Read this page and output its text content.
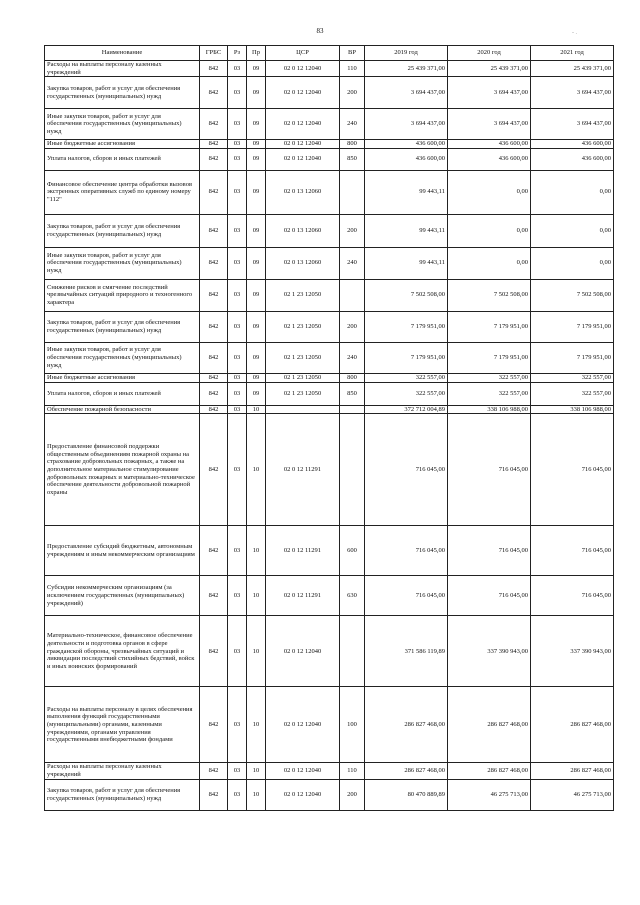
83	- .
Наименование	ГРБС	Рз	Пр	ЦСР	ВР	2019 год	2020 год	2021 год
Расходы на выплаты персоналу казенных учреждений	842	03	09	02 0 12 12040	110	25 439 371,00	25 439 371,00	25 439 371,00
Закупка товаров, работ и услуг для обеспечения государственных (муниципальных) нужд	842	03	09	02 0 12 12040	200	3 694 437,00	3 694 437,00	3 694 437,00
Иные закупки товаров, работ и услуг для обеспечения государственных (муниципальных) нужд	842	03	09	02 0 12 12040	240	3 694 437,00	3 694 437,00	3 694 437,00
Иные бюджетные ассигнования	842	03	09	02 0 12 12040	800	436 600,00	436 600,00	436 600,00
Уплата налогов, сборов и иных платежей	842	03	09	02 0 12 12040	850	436 600,00	436 600,00	436 600,00
Финансовое обеспечение центра обработки вызовов экстренных оперативных служб по единому номеру "112"	842	03	09	02 0 13 12060		99 443,11	0,00	0,00
Закупка товаров, работ и услуг для обеспечения государственных (муниципальных) нужд	842	03	09	02 0 13 12060	200	99 443,11	0,00	0,00
Иные закупки товаров, работ и услуг для обеспечения государственных (муниципальных) нужд	842	03	09	02 0 13 12060	240	99 443,11	0,00	0,00
Снижение рисков и смягчение последствий чрезвычайных ситуаций природного и техногенного характера	842	03	09	02 1 23 12050		7 502 508,00	7 502 508,00	7 502 508,00
Закупка товаров, работ и услуг для обеспечения государственных (муниципальных) нужд	842	03	09	02 1 23 12050	200	7 179 951,00	7 179 951,00	7 179 951,00
Иные закупки товаров, работ и услуг для обеспечения государственных (муниципальных) нужд	842	03	09	02 1 23 12050	240	7 179 951,00	7 179 951,00	7 179 951,00
Иные бюджетные ассигнования	842	03	09	02 1 23 12050	800	322 557,00	322 557,00	322 557,00
Уплата налогов, сборов и иных платежей	842	03	09	02 1 23 12050	850	322 557,00	322 557,00	322 557,00
Обеспечение пожарной безопасности	842	03	10			372 712 004,89	338 106 988,00	338 106 988,00
Предоставление финансовой поддержки общественным объединениям пожарной охраны на страхование добровольных пожарных, а также на дополнительное материальное стимулирование добровольных пожарных и материально-техническое обеспечение деятельности добровольной пожарной охраны	842	03	10	02 0 12 11291		716 045,00	716 045,00	716 045,00
Предоставление субсидий бюджетным, автономным учреждениям и иным некоммерческим организациям	842	03	10	02 0 12 11291	600	716 045,00	716 045,00	716 045,00
Субсидии некоммерческим организациям (за исключением государственных (муниципальных) учреждений)	842	03	10	02 0 12 11291	630	716 045,00	716 045,00	716 045,00
Материально-техническое, финансовое обеспечение деятельности и подготовка органов в сфере гражданской обороны, чрезвычайных ситуаций и ликвидации последствий стихийных бедствий, войск и иных воинских формирований	842	03	10	02 0 12 12040		371 586 119,89	337 390 943,00	337 390 943,00
Расходы на выплаты персоналу в целях обеспечения выполнения функций государственными (муниципальными) органами, казенными учреждениями, органами управления государственными внебюджетными фондами	842	03	10	02 0 12 12040	100	286 827 468,00	286 827 468,00	286 827 468,00
Расходы на выплаты персоналу казенных учреждений	842	03	10	02 0 12 12040	110	286 827 468,00	286 827 468,00	286 827 468,00
Закупка товаров, работ и услуг для обеспечения государственных (муниципальных) нужд	842	03	10	02 0 12 12040	200	80 470 889,89	46 275 713,00	46 275 713,00
